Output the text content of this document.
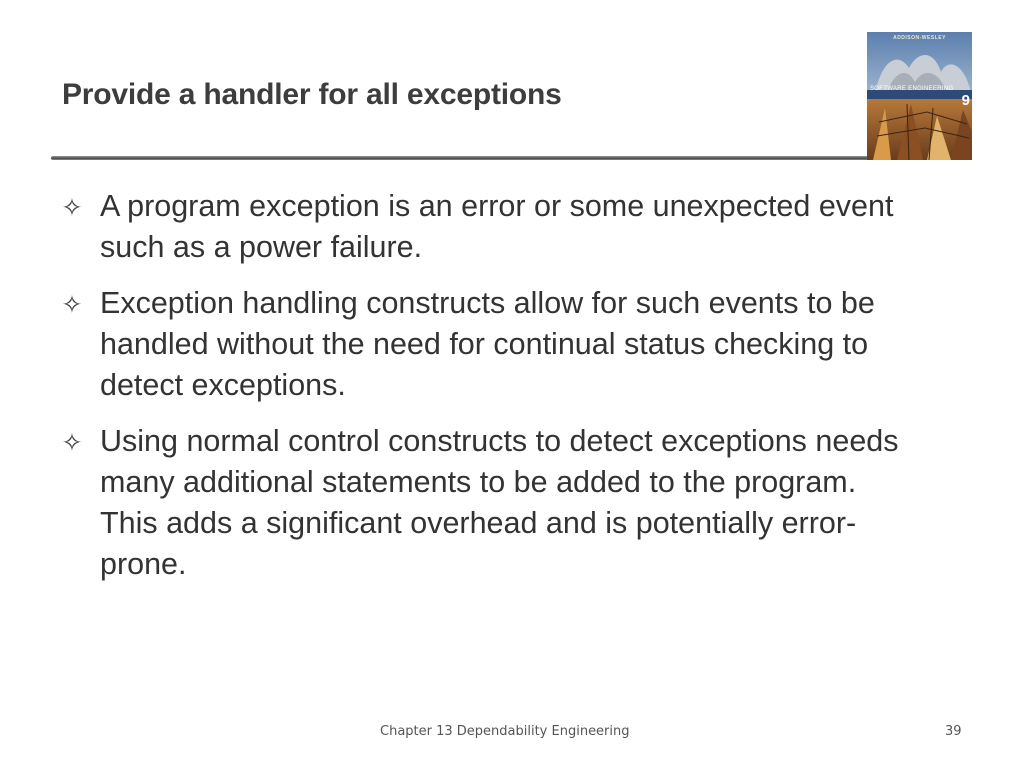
Provide a handler for all exceptions
ADDISON-WESLEY
SOFTWARE ENGINEERING
9
✧ A program exception is an error or some unexpected event such as a power failure.
✧ Exception handling constructs allow for such events to be handled without the need for continual status checking to detect exceptions.
✧ Using normal control constructs to detect exceptions needs many additional statements to be added to the program. This adds a significant overhead and is potentially error-prone.
Chapter 13 Dependability Engineering	39
